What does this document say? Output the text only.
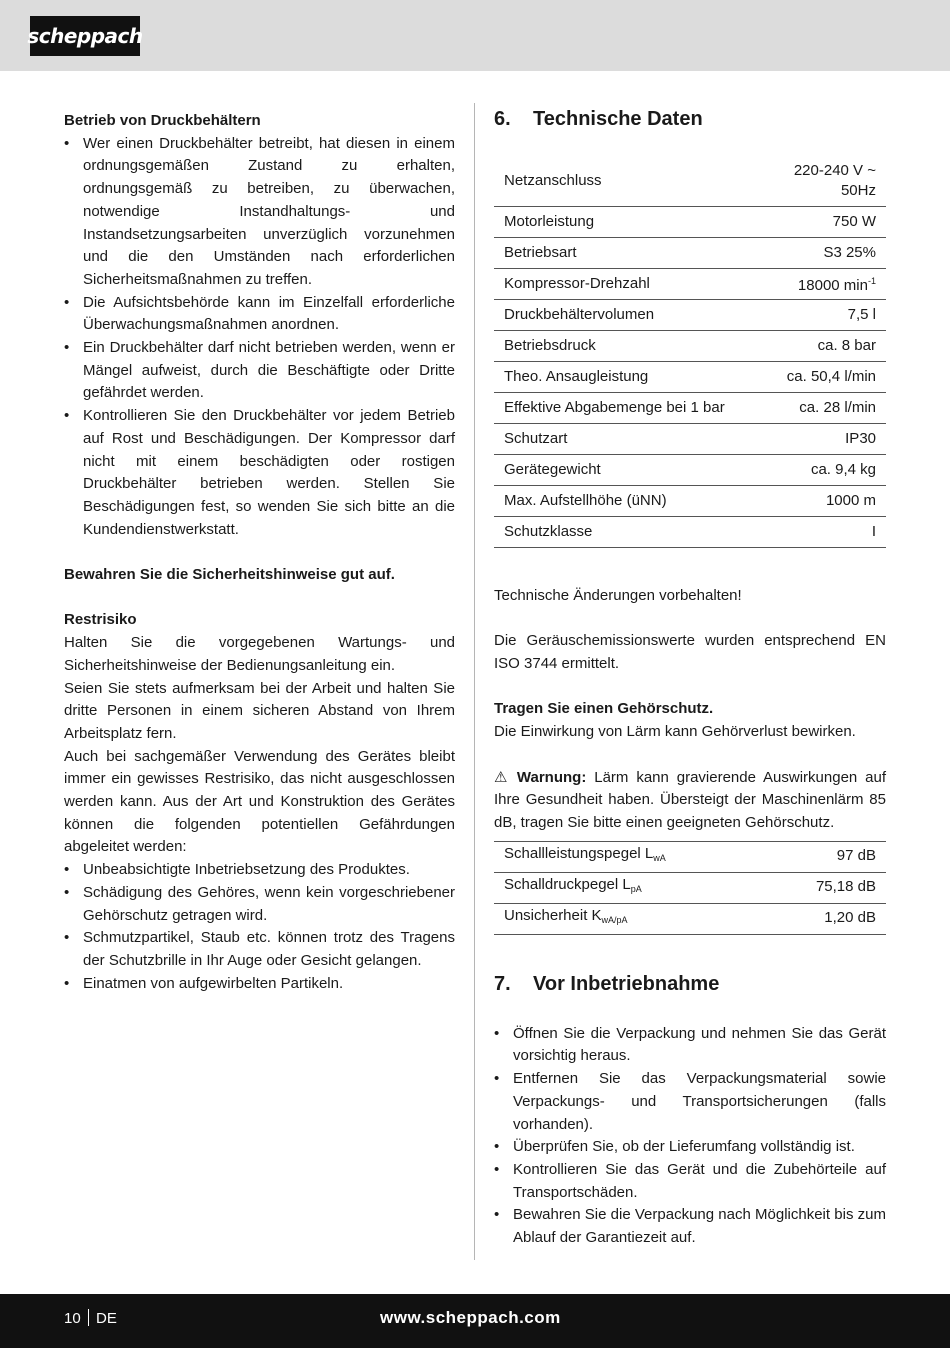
scheppach

Betrieb von Druckbehältern

• Wer einen Druckbehälter betreibt, hat diesen in einem ordnungsgemäßen Zustand zu erhalten, ordnungsgemäß zu betreiben, zu überwachen, notwendige Instandhaltungs- und Instandsetzungsarbeiten unverzüglich vorzunehmen und die den Umständen nach erforderlichen Sicherheitsmaßnahmen zu treffen.
• Die Aufsichtsbehörde kann im Einzelfall erforderliche Überwachungsmaßnahmen anordnen.
• Ein Druckbehälter darf nicht betrieben werden, wenn er Mängel aufweist, durch die Beschäftigte oder Dritte gefährdet werden.
• Kontrollieren Sie den Druckbehälter vor jedem Betrieb auf Rost und Beschädigungen. Der Kompressor darf nicht mit einem beschädigten oder rostigen Druckbehälter betrieben werden. Stellen Sie Beschädigungen fest, so wenden Sie sich bitte an die Kundendienstwerkstatt.

Bewahren Sie die Sicherheitshinweise gut auf.

Restrisiko

Halten Sie die vorgegebenen Wartungs- und Sicherheitshinweise der Bedienungsanleitung ein.

Seien Sie stets aufmerksam bei der Arbeit und halten Sie dritte Personen in einem sicheren Abstand von Ihrem Arbeitsplatz fern.

Auch bei sachgemäßer Verwendung des Gerätes bleibt immer ein gewisses Restrisiko, das nicht ausgeschlossen werden kann. Aus der Art und Konstruktion des Gerätes können die folgenden potentiellen Gefährdungen abgeleitet werden:

• Unbeabsichtigte Inbetriebsetzung des Produktes.
• Schädigung des Gehöres, wenn kein vorgeschriebener Gehörschutz getragen wird.
• Schmutzpartikel, Staub etc. können trotz des Tragens der Schutzbrille in Ihr Auge oder Gesicht gelangen.
• Einatmen von aufgewirbelten Partikeln.
6.	Technische Daten
Netzanschluss	220-240 V ~
50Hz
Motorleistung	750 W
Betriebsart	S3 25%
Kompressor-Drehzahl	18000 $\min^{-1}$
Druckbehältervolumen	7,5 l
Betriebsdruck	ca. 8 bar
Theo. Ansaugleistung	ca. 50,4 l/min
Effektive Abgabemenge bei 1 bar	ca. 28 l/min
Schutzart	IP30
Gerätegewicht	ca. 9,4 kg
Max. Aufstellhöhe (üNN)	1000 m
Schutzklasse	I

Technische Änderungen vorbehalten!

Die Geräuschemissionswerte wurden entsprechend EN ISO 3744 ermittelt.

Tragen Sie einen Gehörschutz.

Die Einwirkung von Lärm kann Gehörverlust bewirken.

⚠ Warnung: Lärm kann gravierende Auswirkungen auf Ihre Gesundheit haben. Übersteigt der Maschinenlärm 85 dB, tragen Sie bitte einen geeigneten Gehörschutz.

Schallleistungspegel $L_{wA}$	97 dB
Schalldruckpegel $L_{pA}$	75,18 dB
Unsicherheit $K_{wA/pA}$	1,20 dB
7.	Vor Inbetriebnahme
• Öffnen Sie die Verpackung und nehmen Sie das Gerät vorsichtig heraus.
• Entfernen Sie das Verpackungsmaterial sowie Verpackungs- und Transportsicherungen (falls vorhanden).
• Überprüfen Sie, ob der Lieferumfang vollständig ist.
• Kontrollieren Sie das Gerät und die Zubehörteile auf Transportschäden.
• Bewahren Sie die Verpackung nach Möglichkeit bis zum Ablauf der Garantiezeit auf.
10 DE	www.scheppach.com
